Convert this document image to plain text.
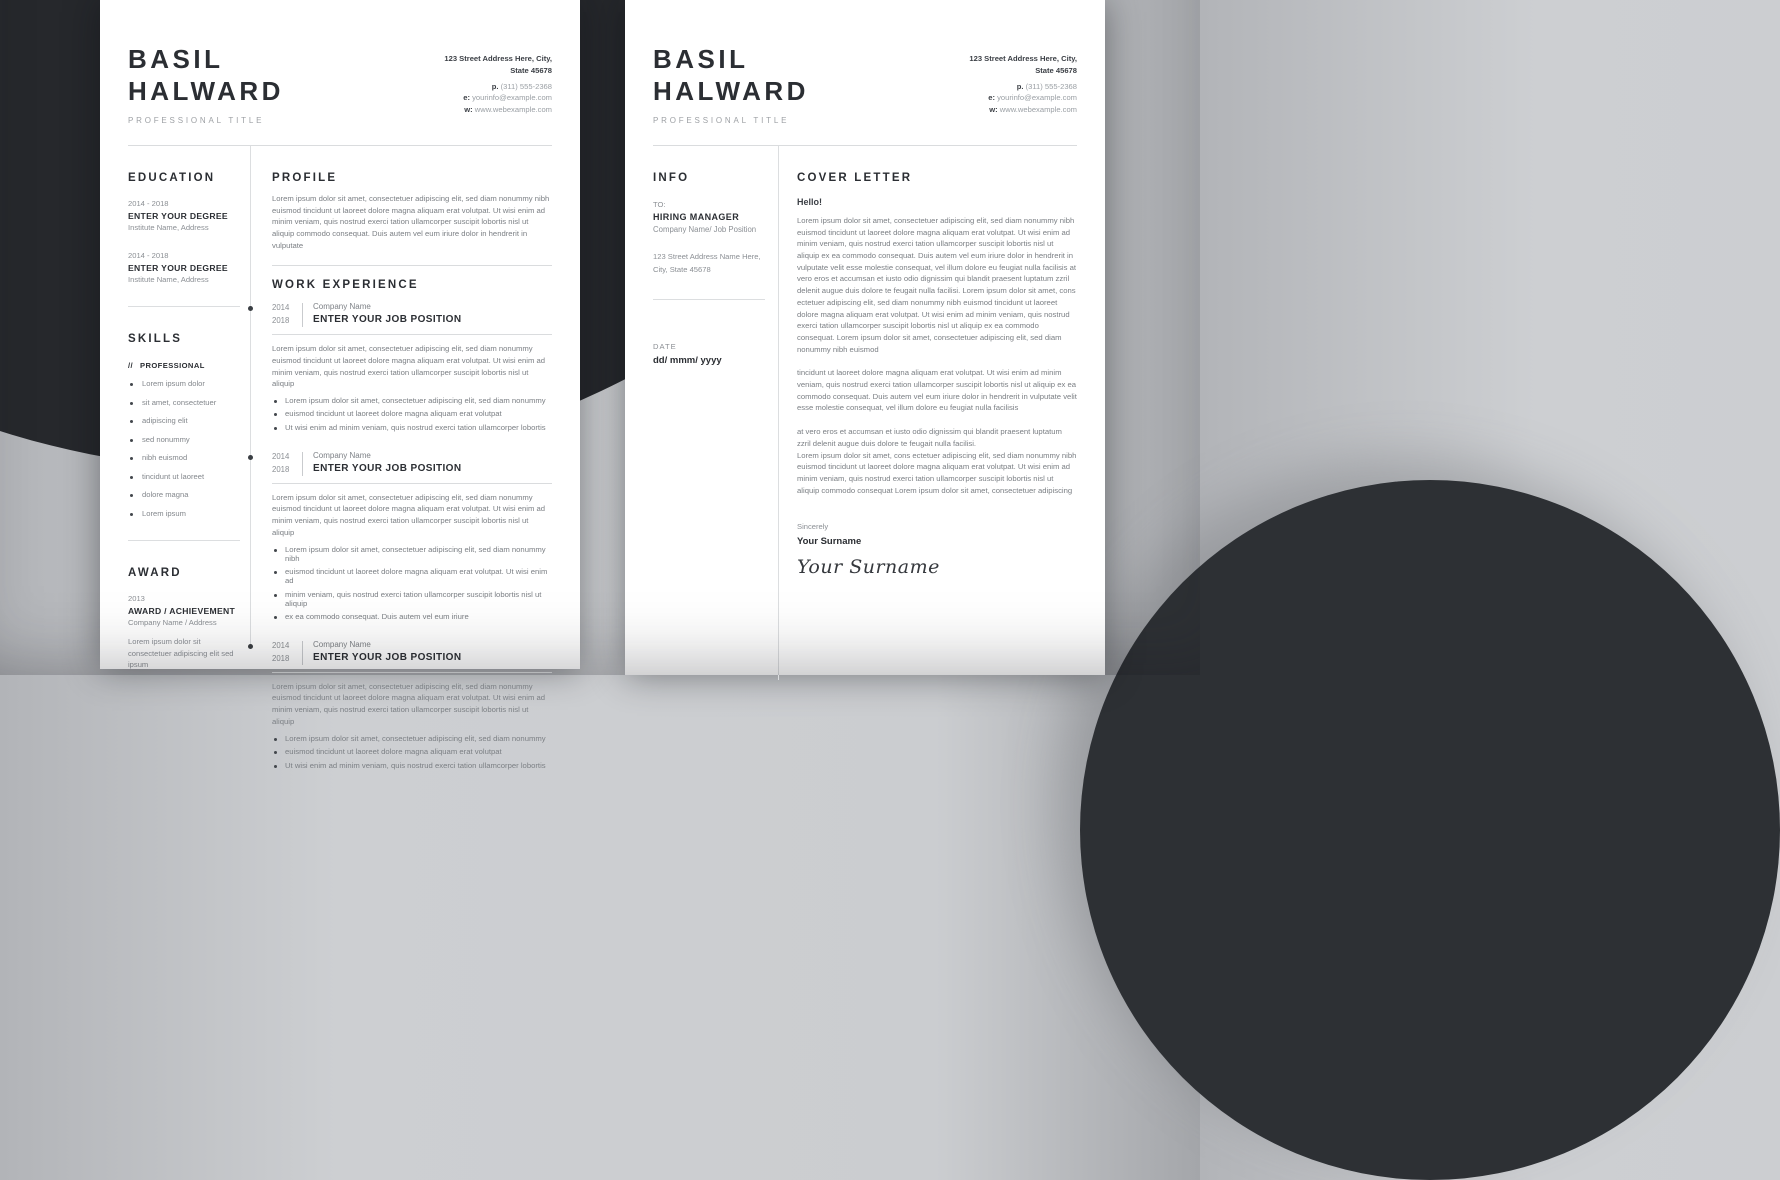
BASIL
HALWARD
PROFESSIONAL TITLE
123 Street Address Here, City,
State 45678
p. (311) 555-2368
e: yourinfo@example.com
w: www.webexample.com
EDUCATION
2014 - 2018
ENTER YOUR DEGREE
Institute Name, Address
2014 - 2018
ENTER YOUR DEGREE
Institute Name, Address
SKILLS
// PROFESSIONAL
Lorem ipsum dolor
sit amet, consectetuer
adipiscing elit
sed nonummy
nibh euismod
tincidunt ut laoreet
dolore magna
Lorem ipsum
AWARD
2013
AWARD / ACHIEVEMENT
Company Name / Address
Lorem ipsum dolor sit consectetuer adipiscing elit sed ipsum
PROFILE

Lorem ipsum dolor sit amet, consectetuer adipiscing elit, sed diam nonummy nibh euismod tincidunt ut laoreet dolore magna aliquam erat volutpat. Ut wisi enim ad minim veniam, quis nostrud exerci tation ullamcorper suscipit lobortis nisl ut aliquip commodo consequat. Duis autem vel eum iriure dolor in hendrerit in vulputate

WORK EXPERIENCE
2014
2018
Company Name
ENTER YOUR JOB POSITION

Lorem ipsum dolor sit amet, consectetuer adipiscing elit, sed diam nonummy euismod tincidunt ut laoreet dolore magna aliquam erat volutpat. Ut wisi enim ad minim veniam, quis nostrud exerci tation ullamcorper suscipit lobortis nisl ut aliquip

Lorem ipsum dolor sit amet, consectetuer adipiscing elit, sed diam nonummy
euismod tincidunt ut laoreet dolore magna aliquam erat volutpat
Ut wisi enim ad minim veniam, quis nostrud exerci tation ullamcorper lobortis
2014
2018
Company Name
ENTER YOUR JOB POSITION

Lorem ipsum dolor sit amet, consectetuer adipiscing elit, sed diam nonummy euismod tincidunt ut laoreet dolore magna aliquam erat volutpat. Ut wisi enim ad minim veniam, quis nostrud exerci tation ullamcorper suscipit lobortis nisl ut aliquip

Lorem ipsum dolor sit amet, consectetuer adipiscing elit, sed diam nonummy nibh
euismod tincidunt ut laoreet dolore magna aliquam erat volutpat. Ut wisi enim ad
minim veniam, quis nostrud exerci tation ullamcorper suscipit lobortis nisl ut aliquip
ex ea commodo consequat. Duis autem vel eum iriure
2014
2018
Company Name
ENTER YOUR JOB POSITION

Lorem ipsum dolor sit amet, consectetuer adipiscing elit, sed diam nonummy euismod tincidunt ut laoreet dolore magna aliquam erat volutpat. Ut wisi enim ad minim veniam, quis nostrud exerci tation ullamcorper suscipit lobortis nisl ut aliquip

Lorem ipsum dolor sit amet, consectetuer adipiscing elit, sed diam nonummy
euismod tincidunt ut laoreet dolore magna aliquam erat volutpat
Ut wisi enim ad minim veniam, quis nostrud exerci tation ullamcorper lobortis
BASIL
HALWARD
PROFESSIONAL TITLE
123 Street Address Here, City,
State 45678
p. (311) 555-2368
e: yourinfo@example.com
w: www.webexample.com
INFO
TO:
HIRING MANAGER
Company Name/ Job Position
123 Street Address Name Here, City, State 45678
DATE
dd/ mmm/ yyyy
COVER LETTER
Hello!

Lorem ipsum dolor sit amet, consectetuer adipiscing elit, sed diam nonummy nibh euismod tincidunt ut laoreet dolore magna aliquam erat volutpat. Ut wisi enim ad minim veniam, quis nostrud exerci tation ullamcorper suscipit lobortis nisl ut aliquip ex ea commodo consequat. Duis autem vel eum iriure dolor in hendrerit in vulputate velit esse molestie consequat, vel illum dolore eu feugiat nulla facilisis at vero eros et accumsan et iusto odio dignissim qui blandit praesent luptatum zzril delenit augue duis dolore te feugait nulla facilisi. Lorem ipsum dolor sit amet, cons ectetuer adipiscing elit, sed diam nonummy nibh euismod tincidunt ut laoreet dolore magna aliquam erat volutpat. Ut wisi enim ad minim veniam, quis nostrud exerci tation ullamcorper suscipit lobortis nisl ut aliquip ex ea commodo consequat. Lorem ipsum dolor sit amet, consectetuer adipiscing elit, sed diam nonummy nibh euismod

tincidunt ut laoreet dolore magna aliquam erat volutpat. Ut wisi enim ad minim veniam, quis nostrud exerci tation ullamcorper suscipit lobortis nisl ut aliquip ex ea commodo consequat. Duis autem vel eum iriure dolor in hendrerit in vulputate velit esse molestie consequat, vel illum dolore eu feugiat nulla facilisis

at vero eros et accumsan et iusto odio dignissim qui blandit praesent luptatum zzril delenit augue duis dolore te feugait nulla facilisi.

Lorem ipsum dolor sit amet, cons ectetuer adipiscing elit, sed diam nonummy nibh euismod tincidunt ut laoreet dolore magna aliquam erat volutpat. Ut wisi enim ad minim veniam, quis nostrud exerci tation ullamcorper suscipit lobortis nisl ut aliquip commodo consequat Lorem ipsum dolor sit amet, consectetuer adipiscing

Sincerely
Your Surname
Your Surname
